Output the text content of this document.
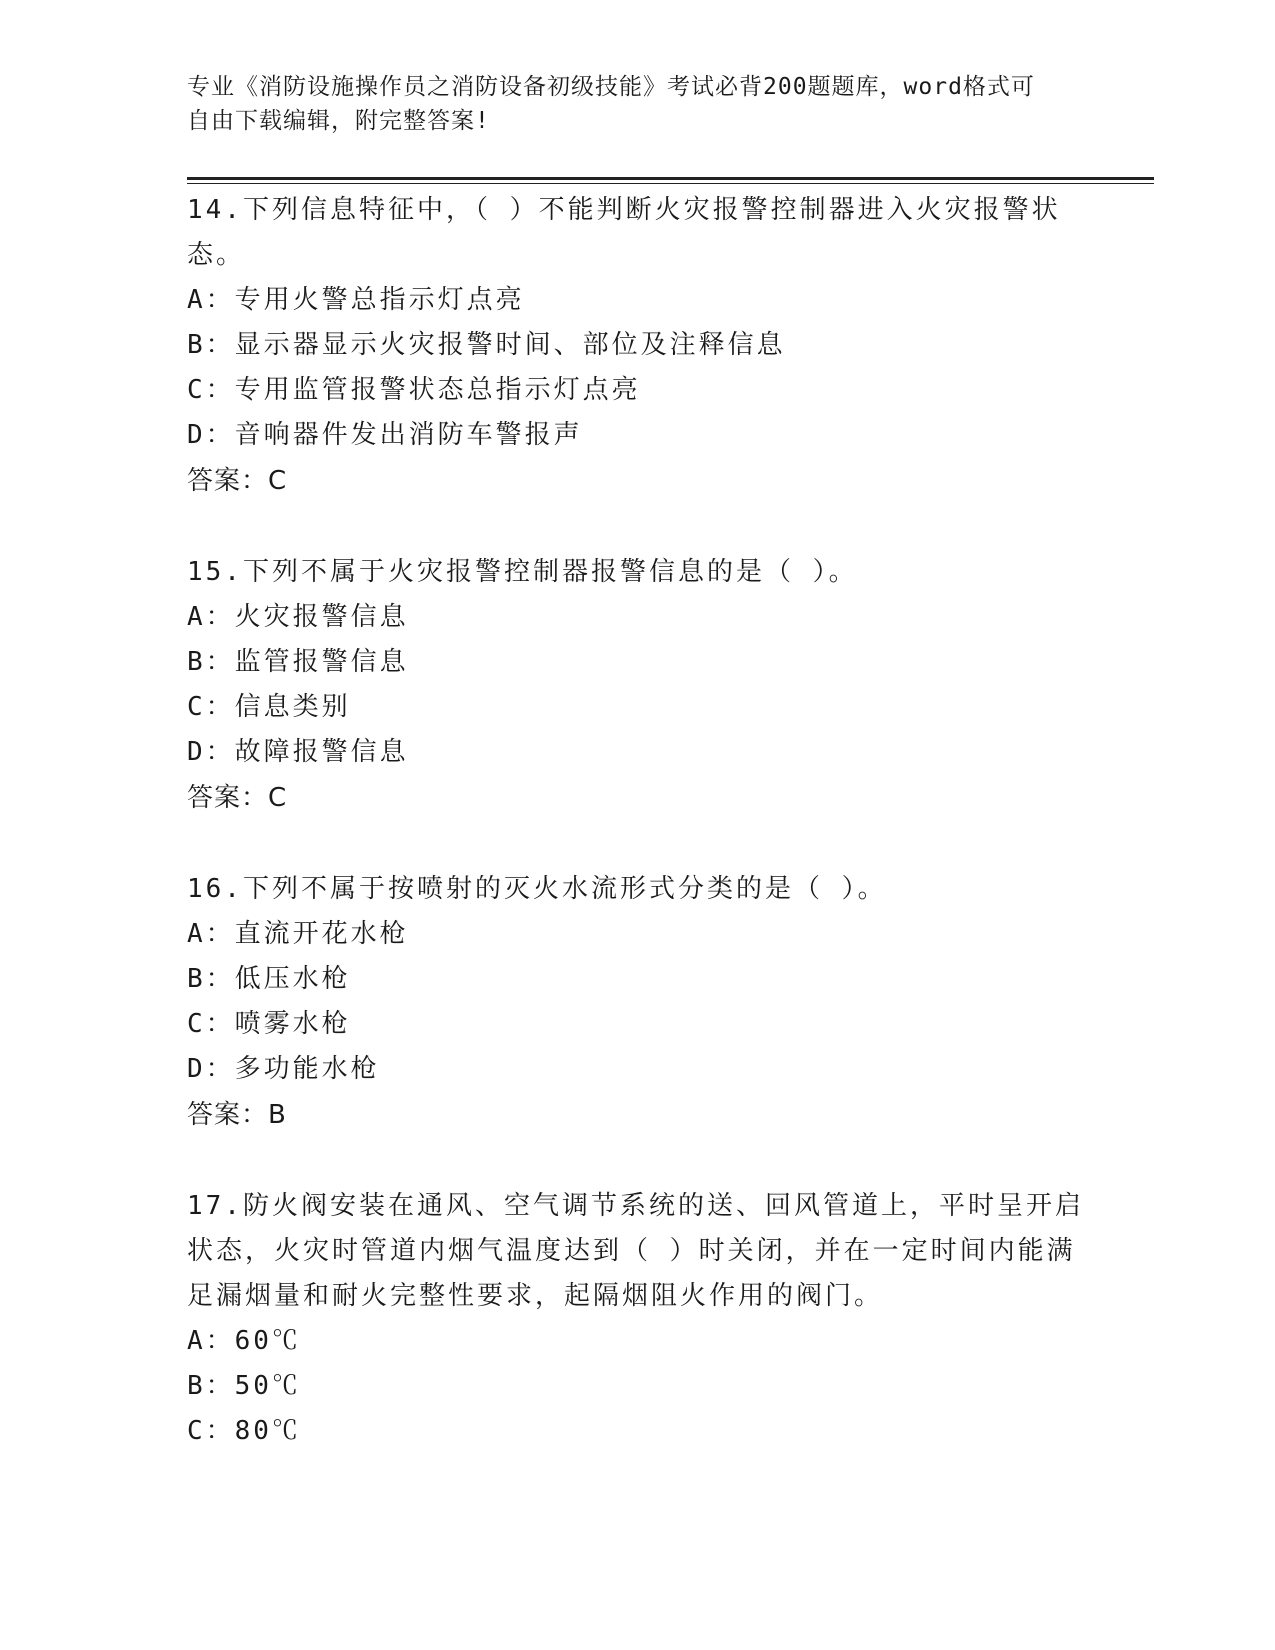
专业《消防设施操作员之消防设备初级技能》考试必背200题题库，word格式可
自由下载编辑，附完整答案!
14.下列信息特征中，（ ）不能判断火灾报警控制器进入火灾报警状态。
A：专用火警总指示灯点亮
B：显示器显示火灾报警时间、部位及注释信息
C：专用监管报警状态总指示灯点亮
D：音响器件发出消防车警报声
答案：C
15.下列不属于火灾报警控制器报警信息的是（ ）。
A：火灾报警信息
B：监管报警信息
C：信息类别
D：故障报警信息
答案：C
16.下列不属于按喷射的灭火水流形式分类的是（ ）。
A：直流开花水枪
B：低压水枪
C：喷雾水枪
D：多功能水枪
答案：B
17.防火阀安装在通风、空气调节系统的送、回风管道上，平时呈开启状态，火灾时管道内烟气温度达到（ ）时关闭，并在一定时间内能满足漏烟量和耐火完整性要求，起隔烟阻火作用的阀门。
A：60℃
B：50℃
C：80℃
